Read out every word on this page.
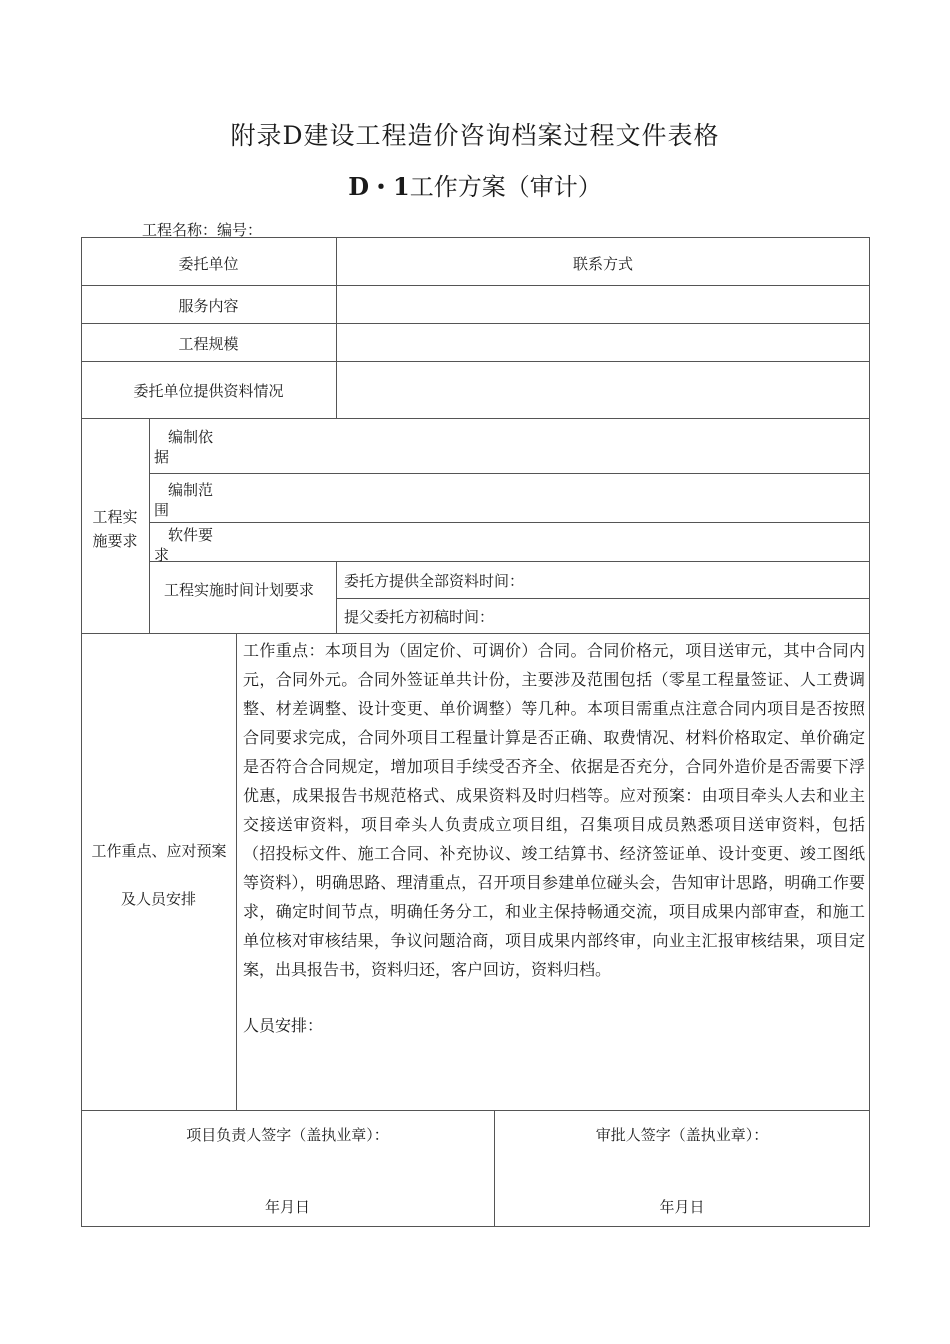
附录D建设工程造价咨询档案过程文件表格
D・1工作方案（审计）
工程名称：编号：
委托单位	联系方式
服务内容
工程规模
委托单位提供资料情况
工程实施要求
编制依据
编制范围
软件要求
工程实施时间计划要求	委托方提供全部资料时间：
提父委托方初稿时间：
工作重点、应对预案
及人员安排
工作重点：本项目为（固定价、可调价）合同。合同价格元，项目送审元，其中合同内元，合同外元。合同外签证单共计份，主要涉及范围包括（零星工程量签证、人工费调整、材差调整、设计变更、单价调整）等几种。本项目需重点注意合同内项目是否按照合同要求完成，合同外项目工程量计算是否正确、取费情况、材料价格取定、单价确定是否符合合同规定，增加项目手续受否齐全、依据是否充分，合同外造价是否需要下浮优惠，成果报告书规范格式、成果资料及时归档等。应对预案：由项目牵头人去和业主交接送审资料，项目牵头人负责成立项目组，召集项目成员熟悉项目送审资料，包括（招投标文件、施工合同、补充协议、竣工结算书、经济签证单、设计变更、竣工图纸等资料），明确思路、理清重点，召开项目参建单位碰头会，告知审计思路，明确工作要求，确定时间节点，明确任务分工，和业主保持畅通交流，项目成果内部审查，和施工单位核对审核结果，争议问题洽商，项目成果内部终审，向业主汇报审核结果，项目定案，出具报告书，资料归还，客户回访，资料归档。
人员安排：
项目负责人签字（盖执业章）：
年月日
审批人签字（盖执业章）：
年月日
